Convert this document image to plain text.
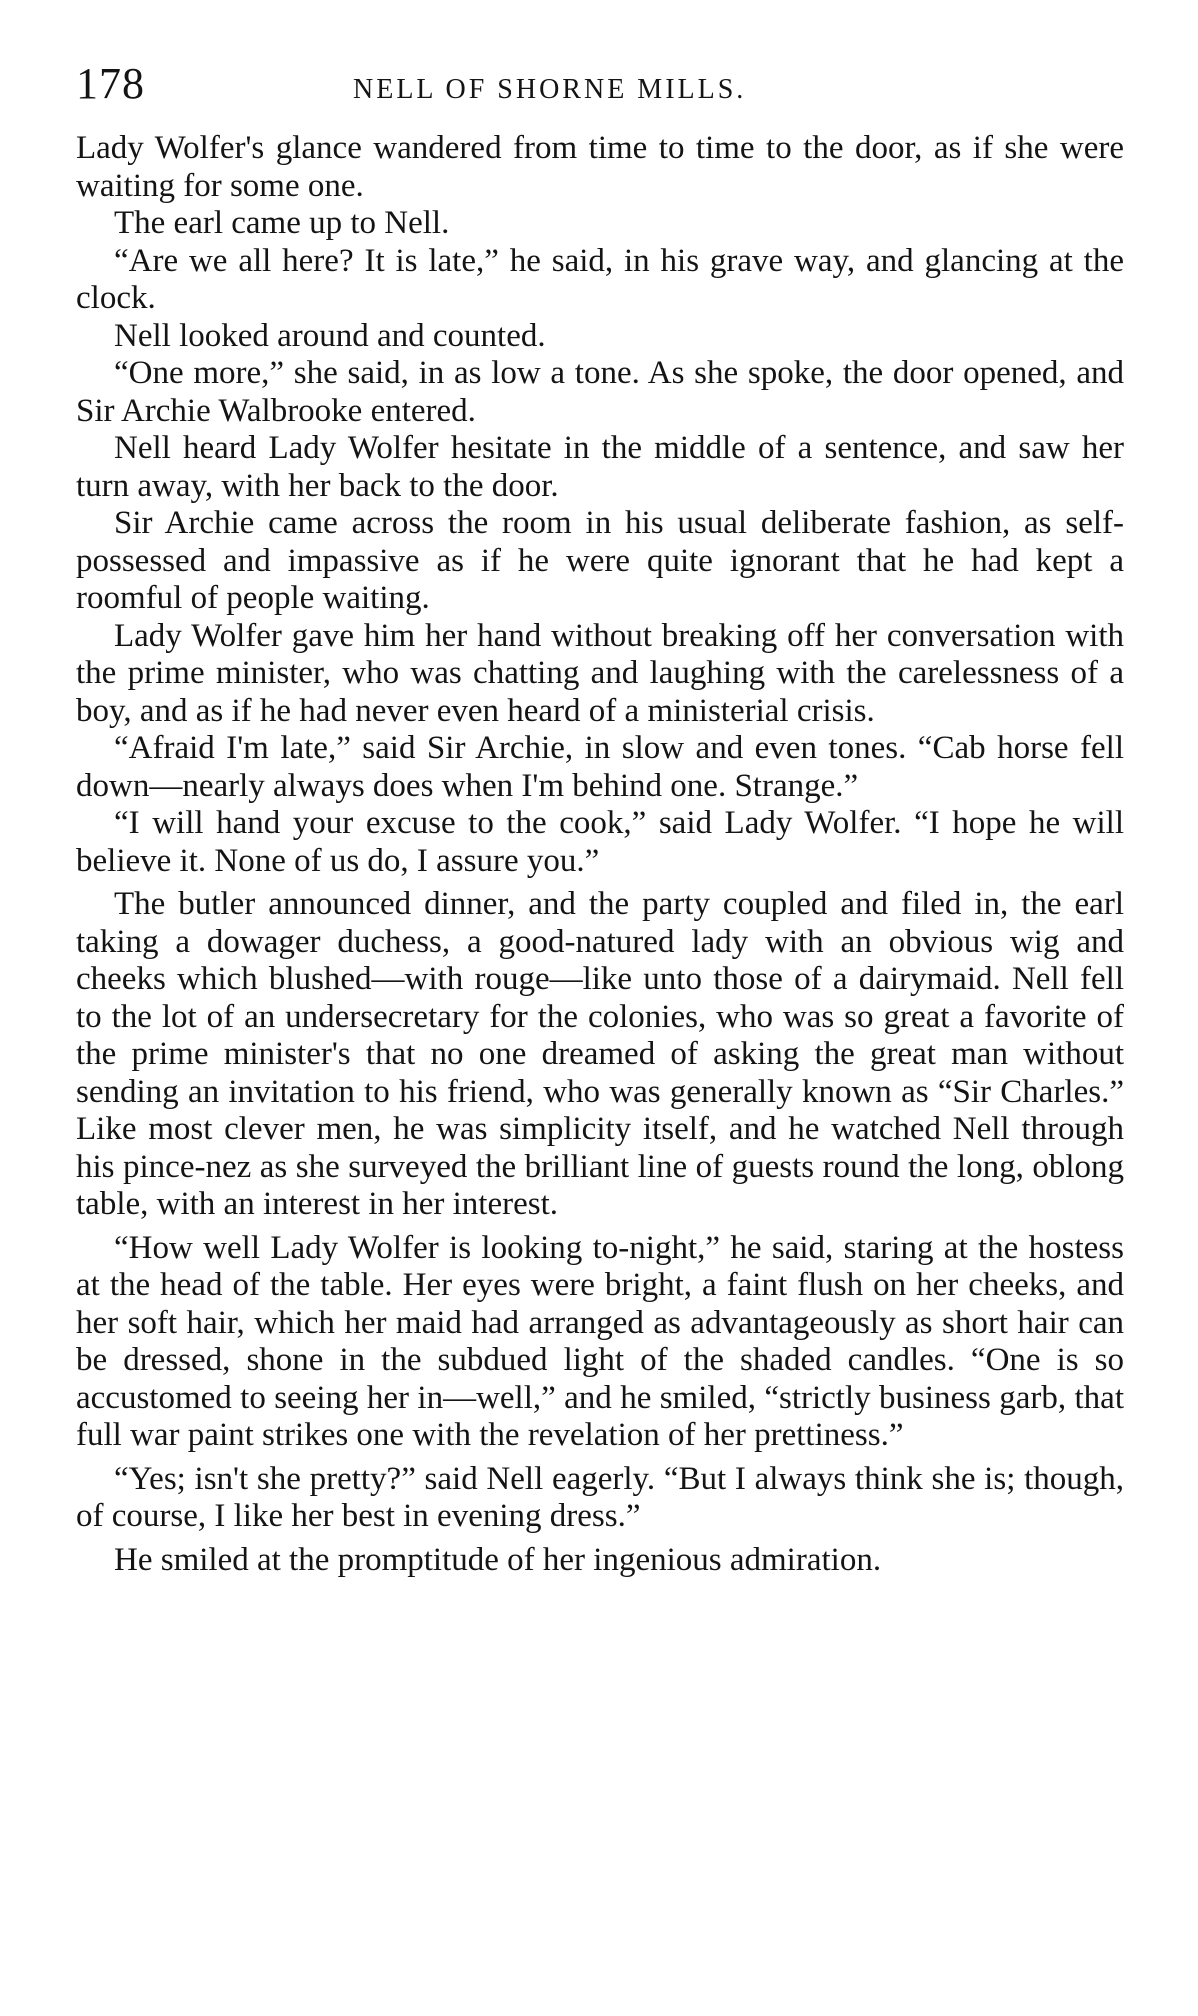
178	NELL OF SHORNE MILLS.

Lady Wolfer's glance wandered from time to time to the door, as if she were waiting for some one.

The earl came up to Nell.

“Are we all here? It is late,” he said, in his grave way, and glancing at the clock.

Nell looked around and counted.

“One more,” she said, in as low a tone. As she spoke, the door opened, and Sir Archie Walbrooke entered.

Nell heard Lady Wolfer hesitate in the middle of a sentence, and saw her turn away, with her back to the door.

Sir Archie came across the room in his usual deliberate fashion, as self-possessed and impassive as if he were quite ignorant that he had kept a roomful of people waiting.

Lady Wolfer gave him her hand without breaking off her conversation with the prime minister, who was chatting and laughing with the carelessness of a boy, and as if he had never even heard of a ministerial crisis.

“Afraid I'm late,” said Sir Archie, in slow and even tones. “Cab horse fell down—nearly always does when I'm behind one. Strange.”

“I will hand your excuse to the cook,” said Lady Wolfer. “I hope he will believe it. None of us do, I assure you.”

The butler announced dinner, and the party coupled and filed in, the earl taking a dowager duchess, a good-natured lady with an obvious wig and cheeks which blushed—with rouge—like unto those of a dairymaid. Nell fell to the lot of an undersecretary for the colonies, who was so great a favorite of the prime minister's that no one dreamed of asking the great man without sending an invitation to his friend, who was generally known as “Sir Charles.” Like most clever men, he was simplicity itself, and he watched Nell through his pince-nez as she surveyed the brilliant line of guests round the long, oblong table, with an interest in her interest.

“How well Lady Wolfer is looking to-night,” he said, staring at the hostess at the head of the table. Her eyes were bright, a faint flush on her cheeks, and her soft hair, which her maid had arranged as advantageously as short hair can be dressed, shone in the subdued light of the shaded candles. “One is so accustomed to seeing her in—well,” and he smiled, “strictly business garb, that full war paint strikes one with the revelation of her prettiness.”

“Yes; isn't she pretty?” said Nell eagerly. “But I always think she is; though, of course, I like her best in evening dress.”

He smiled at the promptitude of her ingenious admiration.
